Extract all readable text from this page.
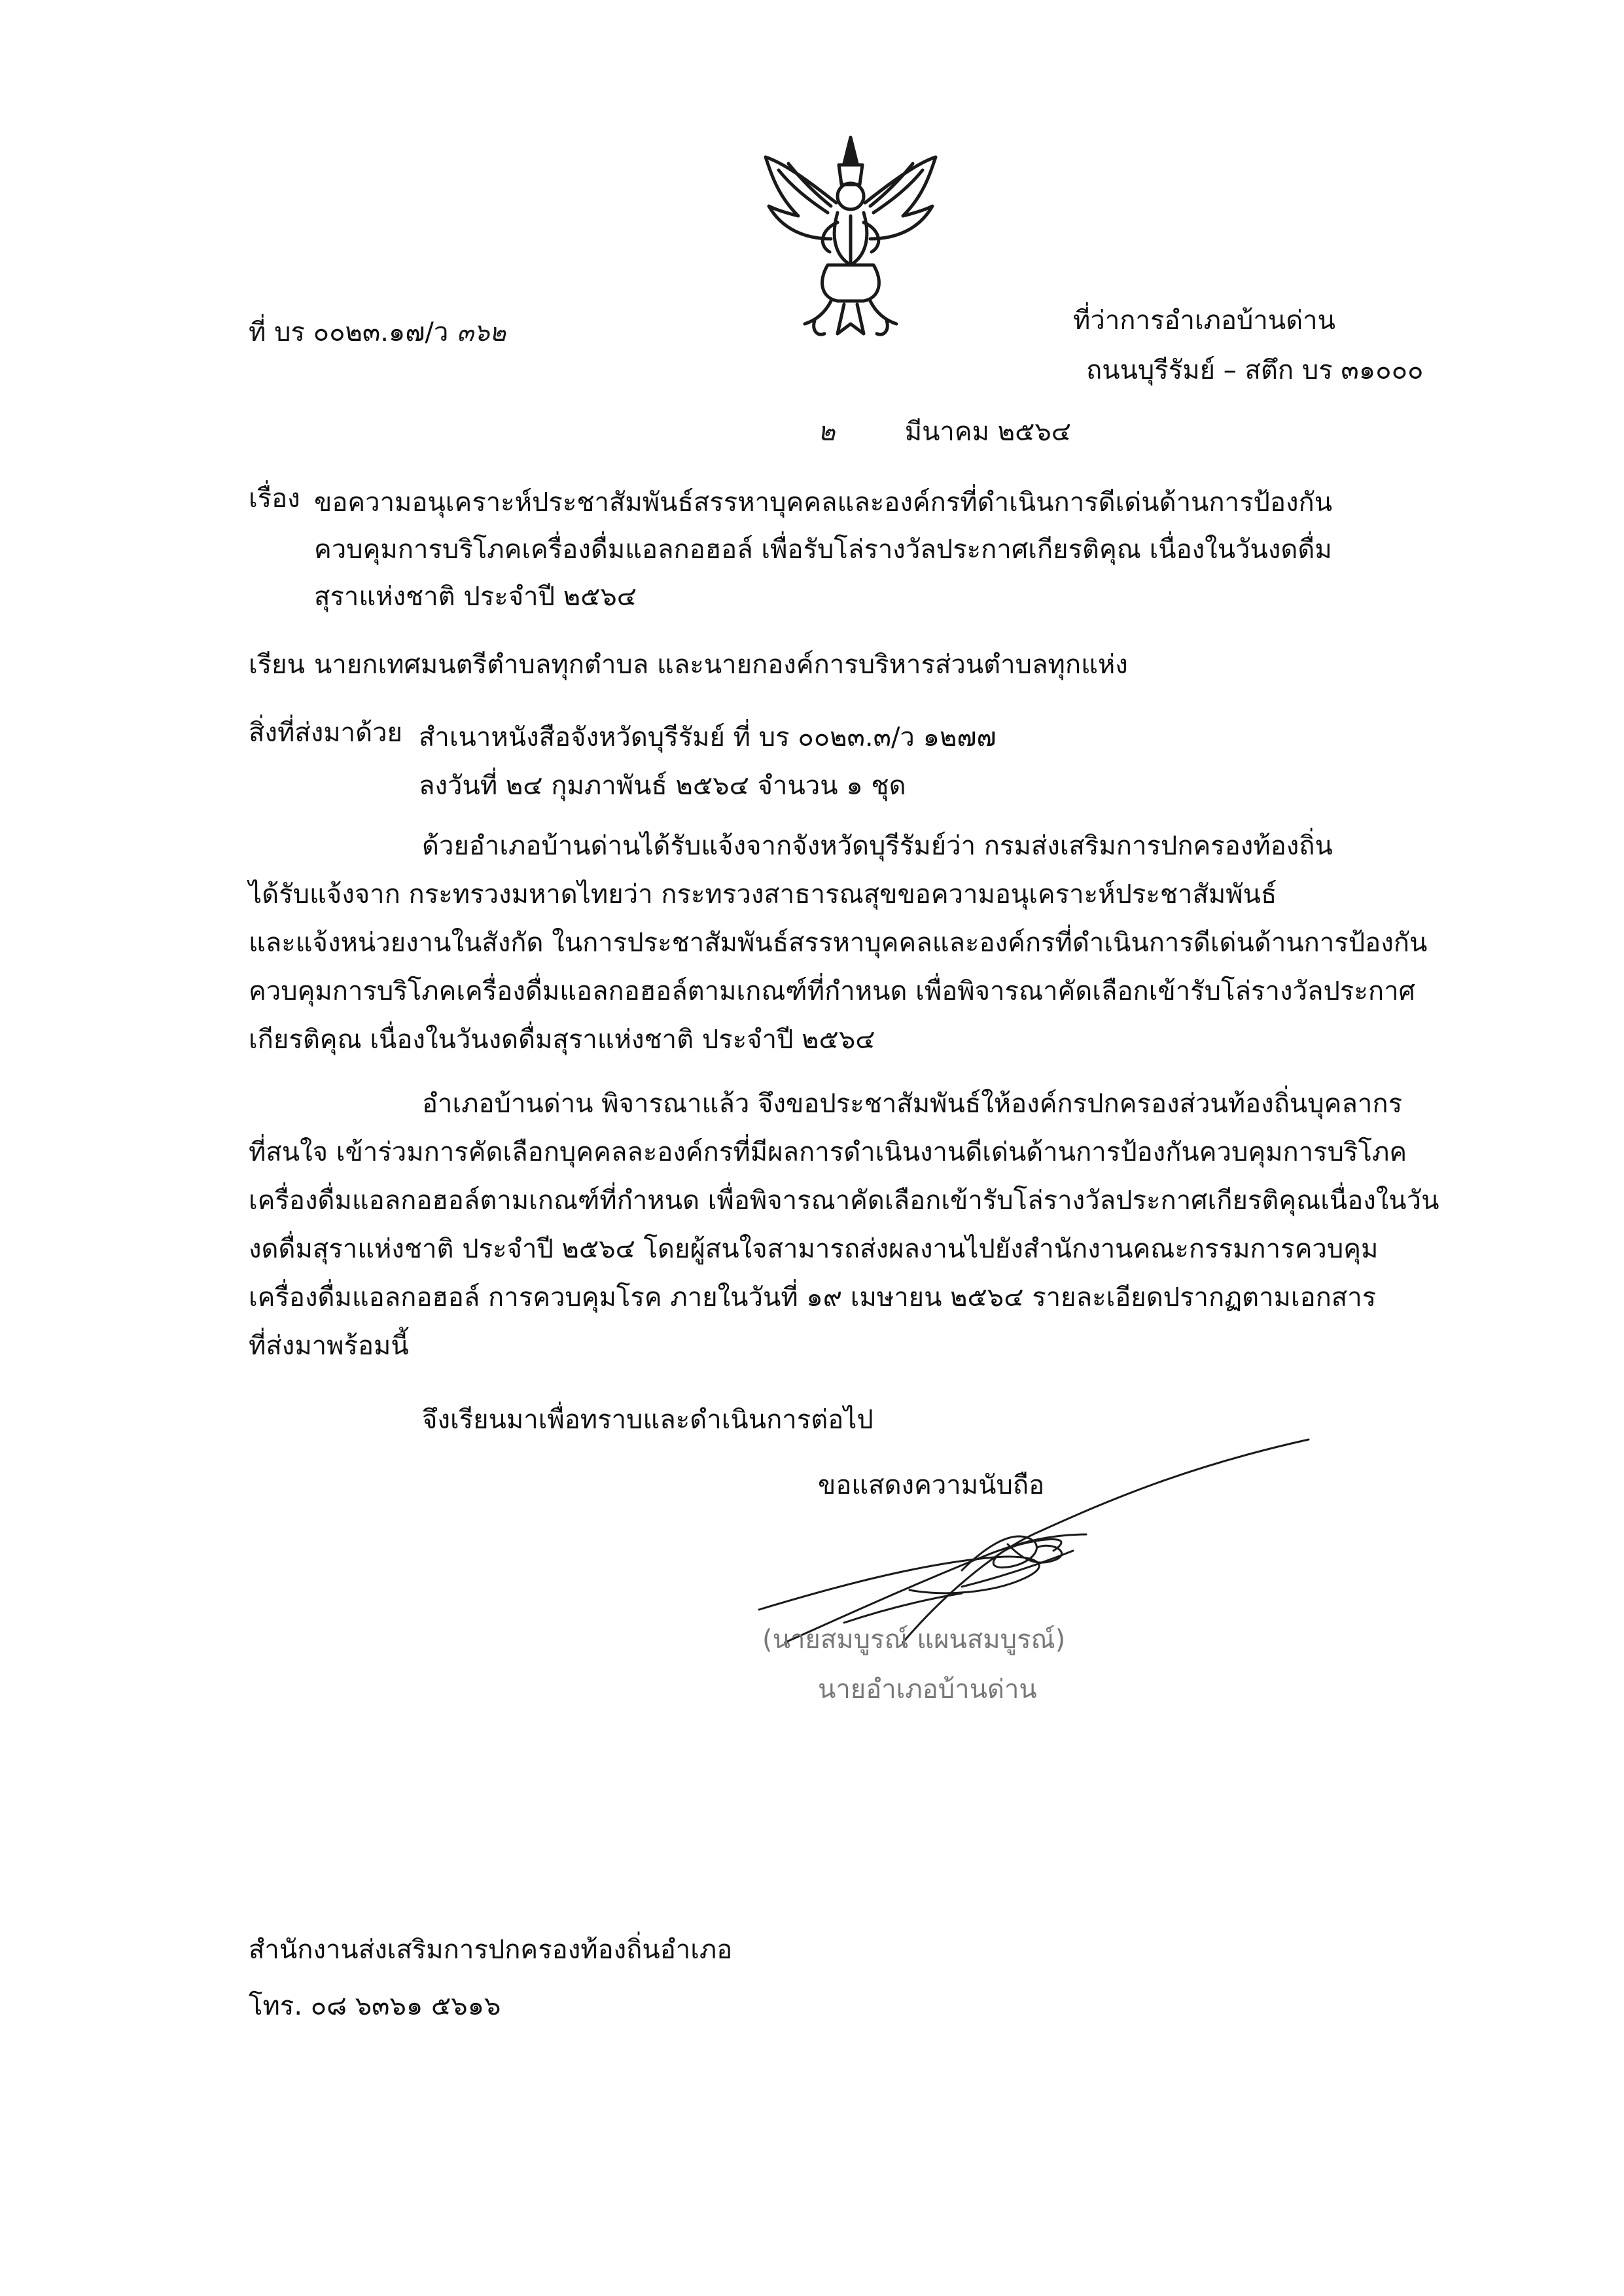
ที่ บร ๐๐๒๓.๑๗/ว ๓๖๒	ที่ว่าการอำเภอบ้านด่าน
ถนนบุรีรัมย์ – สตึก บร ๓๑๐๐๐
๒	มีนาคม ๒๕๖๔
เรื่อง ขอความอนุเคราะห์ประชาสัมพันธ์สรรหาบุคคลและองค์กรที่ดำเนินการดีเด่นด้านการป้องกัน
ควบคุมการบริโภคเครื่องดื่มแอลกอฮอล์ เพื่อรับโล่รางวัลประกาศเกียรติคุณ เนื่องในวันงดดื่ม
สุราแห่งชาติ ประจำปี ๒๕๖๔
เรียน นายกเทศมนตรีตำบลทุกตำบล และนายกองค์การบริหารส่วนตำบลทุกแห่ง
สิ่งที่ส่งมาด้วย สำเนาหนังสือจังหวัดบุรีรัมย์ ที่ บร ๐๐๒๓.๓/ว ๑๒๗๗
ลงวันที่ ๒๔ กุมภาพันธ์ ๒๕๖๔ จำนวน ๑ ชุด
ด้วยอำเภอบ้านด่านได้รับแจ้งจากจังหวัดบุรีรัมย์ว่า กรมส่งเสริมการปกครองท้องถิ่น
ได้รับแจ้งจาก กระทรวงมหาดไทยว่า กระทรวงสาธารณสุขขอความอนุเคราะห์ประชาสัมพันธ์
และแจ้งหน่วยงานในสังกัด ในการประชาสัมพันธ์สรรหาบุคคลและองค์กรที่ดำเนินการดีเด่นด้านการป้องกัน
ควบคุมการบริโภคเครื่องดื่มแอลกอฮอล์ตามเกณฑ์ที่กำหนด เพื่อพิจารณาคัดเลือกเข้ารับโล่รางวัลประกาศ
เกียรติคุณ เนื่องในวันงดดื่มสุราแห่งชาติ ประจำปี ๒๕๖๔
อำเภอบ้านด่าน พิจารณาแล้ว จึงขอประชาสัมพันธ์ให้องค์กรปกครองส่วนท้องถิ่นบุคลากร
ที่สนใจ เข้าร่วมการคัดเลือกบุคคลละองค์กรที่มีผลการดำเนินงานดีเด่นด้านการป้องกันควบคุมการบริโภค
เครื่องดื่มแอลกอฮอล์ตามเกณฑ์ที่กำหนด เพื่อพิจารณาคัดเลือกเข้ารับโล่รางวัลประกาศเกียรติคุณเนื่องในวัน
งดดื่มสุราแห่งชาติ ประจำปี ๒๕๖๔ โดยผู้สนใจสามารถส่งผลงานไปยังสำนักงานคณะกรรมการควบคุม
เครื่องดื่มแอลกอฮอล์ การควบคุมโรค ภายในวันที่ ๑๙ เมษายน ๒๕๖๔ รายละเอียดปรากฏตามเอกสาร
ที่ส่งมาพร้อมนี้
จึงเรียนมาเพื่อทราบและดำเนินการต่อไป
ขอแสดงความนับถือ
(นายสมบูรณ์ แผนสมบูรณ์)
นายอำเภอบ้านด่าน
สำนักงานส่งเสริมการปกครองท้องถิ่นอำเภอ
โทร. ๐๘ ๖๓๖๑ ๕๖๑๖
